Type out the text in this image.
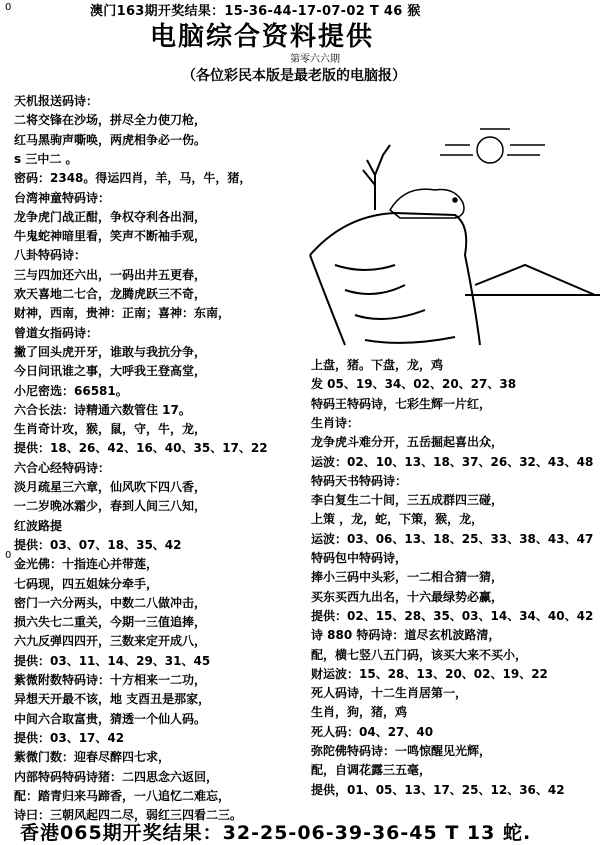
0	澳门163期开奖结果：15-36-44-17-07-02 T 46 猴
电脑综合资料提供
第零六六期
（各位彩民本版是最老版的电脑报）
0
天机报送码诗：
二将交锋在沙场，拼尽全力使刀枪，
红马黑驹声嘶唤，两虎相争必一伤。
s 三中二 。
密码：2348。得运四肖，羊，马，牛，猪，
台湾神童特码诗：
龙争虎门战正酣，争权夺利各出洞，
牛鬼蛇神暗里看，笑声不断袖手观，
八卦特码诗：
三与四加还六出，一码出井五更春，
欢天喜地二七合，龙腾虎跃三不奇，
财神，西南，贵神：正南；喜神：东南，
曾道女指码诗：
撇了回头虎开牙，谁敢与我抗分争，
今日问讯谁之事，大呼我王登高堂，
小尼密选：66581。
六合长法：诗精通六数管住 17。
生肖奇计攻，猴，鼠，守，牛，龙，
提供：18、26、42、16、40、35、17、22
六合心经特码诗：
淡月疏星三六章，仙风吹下四八香，
一二岁晚冰霜少，春到人间三八知，
红波路提
提供：03、07、18、35、42
金光佛：十指连心并带莲，
七码现，四五姐妹分牵手，
密门一六分两头，中数二八做冲击，
损六失七二重关，今期一三值追捧，
六九反弹四四开，三数来定开成八，
提供：03、11、14、29、31、45
紫微附数特码诗：十方相来一二功，
异想天开最不该，地 支酉丑是那家，
中间六合取富贵，猜透一个仙人码。
提供：03、17、42
紫微门数：迎春尽醉四七求，
内部特码特码诗猪：二四思念六返回，
配：踏青归来马蹄香，一八追忆二难忘，
诗曰：三朝风起四二尽，弱红三四看二三。
上盘，猪。下盘，龙，鸡
发 05、19、34、02、20、27、38
特码王特码诗，七彩生辉一片红，
生肖诗：
龙争虎斗难分开，五岳掘起喜出众，
运波：02、10、13、18、37、26、32、43、48
特码天书特码诗：
李白复生二十间，三五成群四三碰，
上策 ，龙，蛇，下策，猴，龙，
运波：03、06、13、18、25、33、38、43、47
特码包中特码诗，
捧小三码中头彩，一二相合猜一猜，
买东买西九出名，十六最绿势必赢，
提供：02、15、28、35、03、14、34、40、42
诗 880 特码诗：道尽玄机波路清，
配，横七竖八五门码，该买大来不买小，
财运波：15、28、13、20、02、19、22
死人码诗，十二生肖居第一，
生肖，狗，猪，鸡
死人码：04、27、40
弥陀佛特码诗：一鸣惊醒见光辉，
配，自调花露三五毫，
提供，01、05、13、17、25、12、36、42
香港065期开奖结果：32-25-06-39-36-45 T 13 蛇.
